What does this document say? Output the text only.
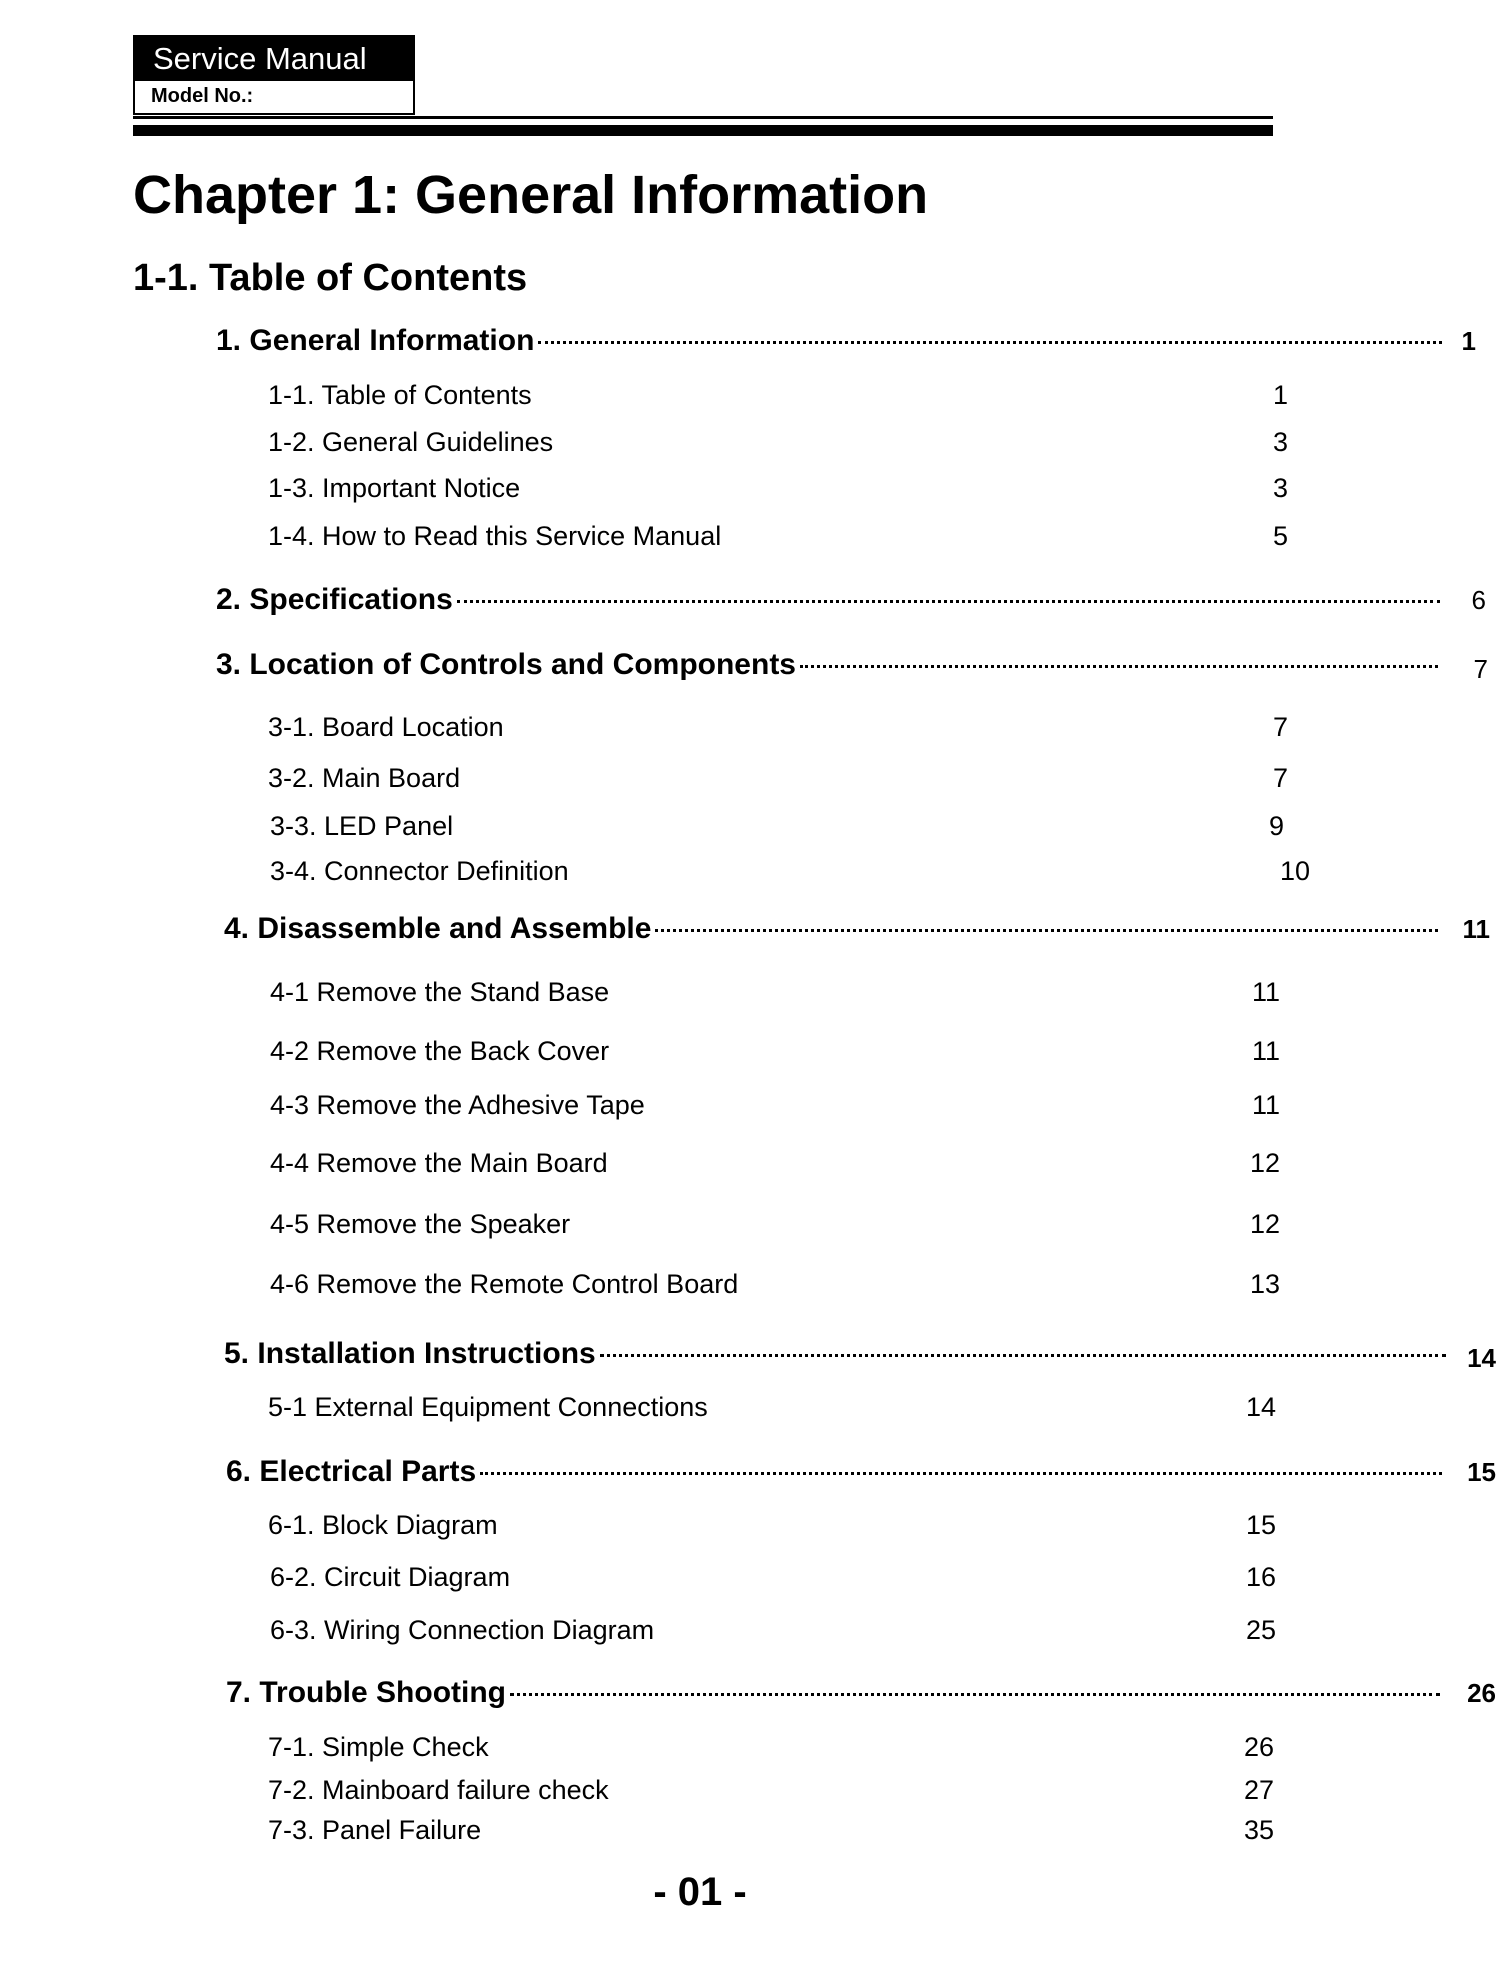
Service Manual
Model No.:
Chapter 1: General Information
1-1. Table of Contents
1. General Information	1
1-1. Table of Contents	1
1-2. General Guidelines	3
1-3. Important Notice	3
1-4. How to Read this Service Manual	5
2. Specifications	6
3. Location of Controls and Components	7
3-1. Board Location	7
3-2. Main Board	7
3-3. LED Panel	9
3-4. Connector Definition	10
4. Disassemble and Assemble	11
4-1 Remove the Stand Base	11
4-2 Remove the Back Cover	11
4-3 Remove the Adhesive Tape	11
4-4 Remove the Main Board	12
4-5 Remove the Speaker	12
4-6 Remove the Remote Control Board	13
5. Installation Instructions	14
5-1 External Equipment Connections	14
6. Electrical Parts	15
6-1. Block Diagram	15
6-2. Circuit Diagram	16
6-3. Wiring Connection Diagram	25
7. Trouble Shooting	26
7-1. Simple Check	26
7-2. Mainboard failure check	27
7-3. Panel Failure	35
- 01 -
